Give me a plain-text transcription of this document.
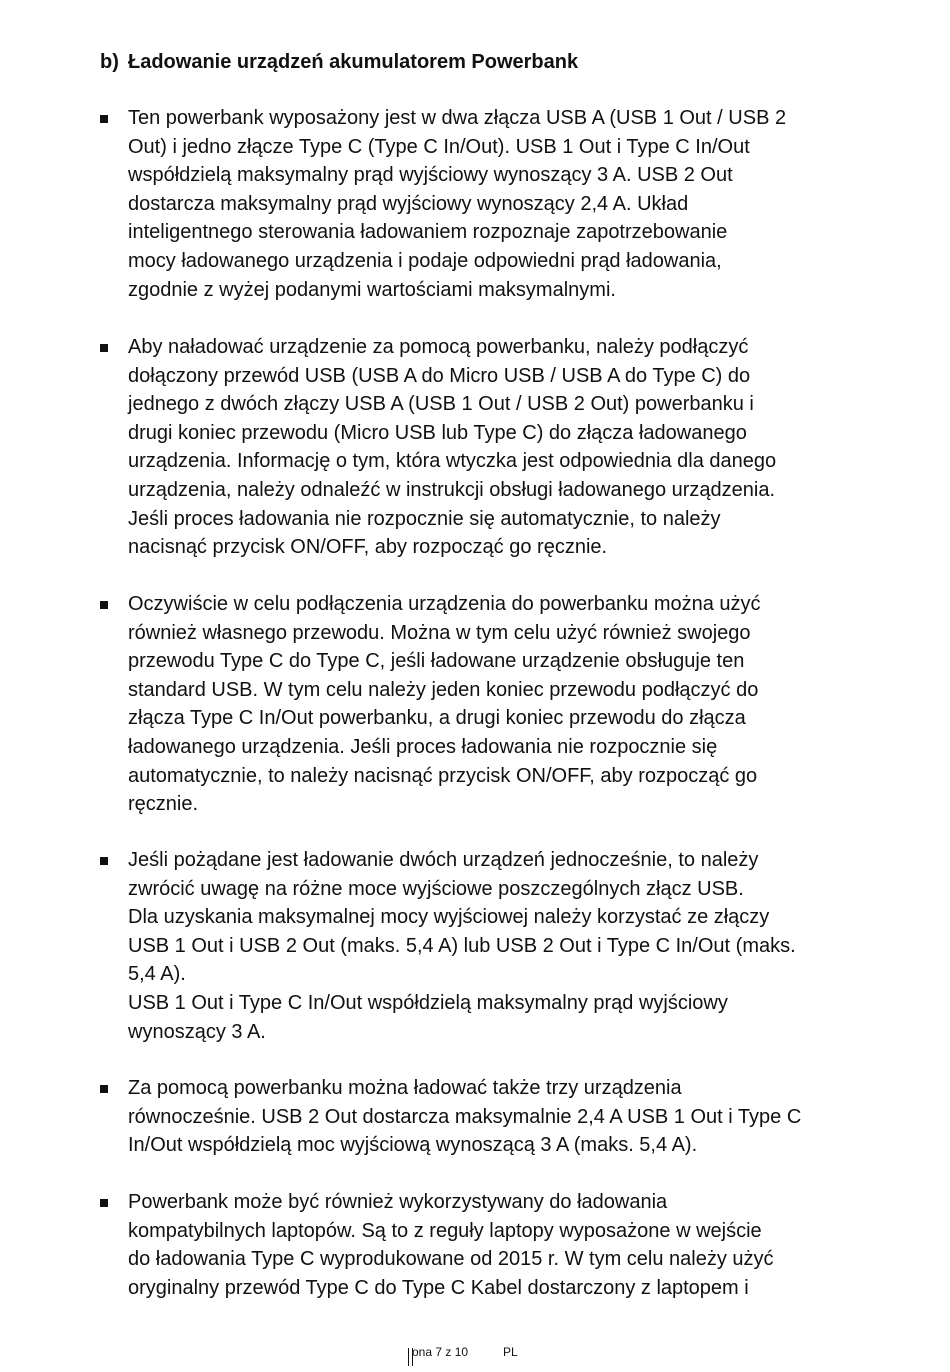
b) Ładowanie urządzeń akumulatorem Powerbank
Ten powerbank wyposażony jest w dwa złącza USB A (USB 1 Out / USB 2
Out) i jedno złącze Type C (Type C In/Out). USB 1 Out i Type C In/Out
współdzielą maksymalny prąd wyjściowy wynoszący 3 A. USB 2 Out
dostarcza maksymalny prąd wyjściowy wynoszący 2,4 A. Układ
inteligentnego sterowania ładowaniem rozpoznaje zapotrzebowanie
mocy ładowanego urządzenia i podaje odpowiedni prąd ładowania,
zgodnie z wyżej podanymi wartościami maksymalnymi.
Aby naładować urządzenie za pomocą powerbanku, należy podłączyć
dołączony przewód USB (USB A do Micro USB / USB A do Type C) do
jednego z dwóch złączy USB A (USB 1 Out / USB 2 Out) powerbanku i
drugi koniec przewodu (Micro USB lub Type C) do złącza ładowanego
urządzenia. Informację o tym, która wtyczka jest odpowiednia dla danego
urządzenia, należy odnaleźć w instrukcji obsługi ładowanego urządzenia.
Jeśli proces ładowania nie rozpocznie się automatycznie, to należy
nacisnąć przycisk ON/OFF, aby rozpocząć go ręcznie.
Oczywiście w celu podłączenia urządzenia do powerbanku można użyć
również własnego przewodu. Można w tym celu użyć również swojego
przewodu Type C do Type C, jeśli ładowane urządzenie obsługuje ten
standard USB. W tym celu należy jeden koniec przewodu podłączyć do
złącza Type C In/Out powerbanku, a drugi koniec przewodu do złącza
ładowanego urządzenia. Jeśli proces ładowania nie rozpocznie się
automatycznie, to należy nacisnąć przycisk ON/OFF, aby rozpocząć go
ręcznie.
Jeśli pożądane jest ładowanie dwóch urządzeń jednocześnie, to należy
zwrócić uwagę na różne moce wyjściowe poszczególnych złącz USB.
Dla uzyskania maksymalnej mocy wyjściowej należy korzystać ze złączy
USB 1 Out i USB 2 Out (maks. 5,4 A) lub USB 2 Out i Type C In/Out (maks.
5,4 A).
USB 1 Out i Type C In/Out współdzielą maksymalny prąd wyjściowy
wynoszący 3 A.
Za pomocą powerbanku można ładować także trzy urządzenia
równocześnie. USB 2 Out dostarcza maksymalnie 2,4 A USB 1 Out i Type C
In/Out współdzielą moc wyjściową wynoszącą 3 A (maks. 5,4 A).
Powerbank może być również wykorzystywany do ładowania
kompatybilnych laptopów. Są to z reguły laptopy wyposażone w wejście
do ładowania Type C wyprodukowane od 2015 r. W tym celu należy użyć
oryginalny przewód Type C do Type C Kabel dostarczony z laptopem i
ona 7 z 10	PL
